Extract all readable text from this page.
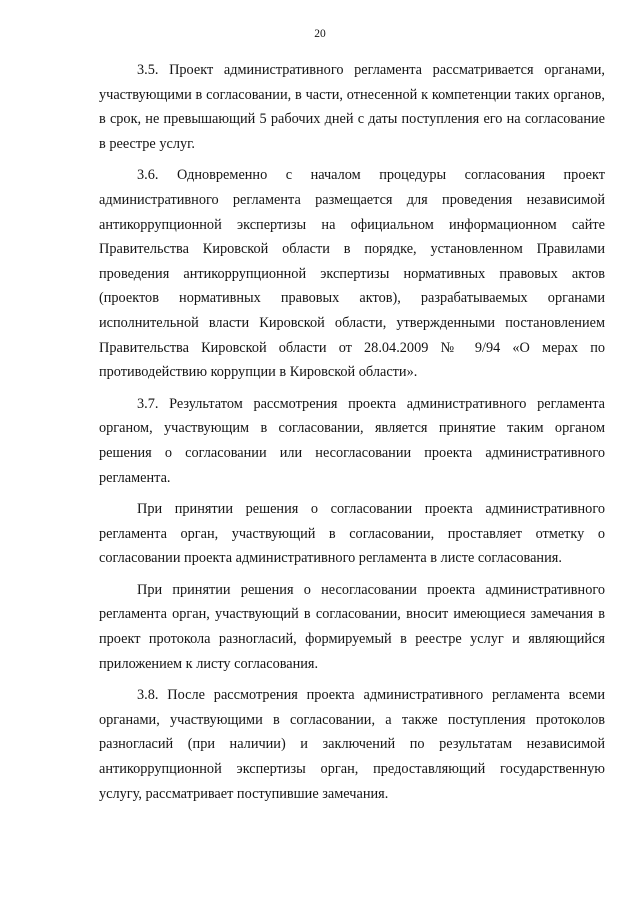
20

3.5. Проект административного регламента рассматривается органами, участвующими в согласовании, в части, отнесенной к компетенции таких органов, в срок, не превышающий 5 рабочих дней с даты поступления его на согласование в реестре услуг.

3.6. Одновременно с началом процедуры согласования проект административного регламента размещается для проведения независимой антикоррупционной экспертизы на официальном информационном сайте Правительства Кировской области в порядке, установленном Правилами проведения антикоррупционной экспертизы нормативных правовых актов (проектов нормативных правовых актов), разрабатываемых органами исполнительной власти Кировской области, утвержденными постановлением Правительства Кировской области от 28.04.2009 № 9/94 «О мерах по противодействию коррупции в Кировской области».

3.7. Результатом рассмотрения проекта административного регламента органом, участвующим в согласовании, является принятие таким органом решения о согласовании или несогласовании проекта административного регламента.

При принятии решения о согласовании проекта административного регламента орган, участвующий в согласовании, проставляет отметку о согласовании проекта административного регламента в листе согласования.

При принятии решения о несогласовании проекта административного регламента орган, участвующий в согласовании, вносит имеющиеся замечания в проект протокола разногласий, формируемый в реестре услуг и являющийся приложением к листу согласования.

3.8. После рассмотрения проекта административного регламента всеми органами, участвующими в согласовании, а также поступления протоколов разногласий (при наличии) и заключений по результатам независимой антикоррупционной экспертизы орган, предоставляющий государственную услугу, рассматривает поступившие замечания.
